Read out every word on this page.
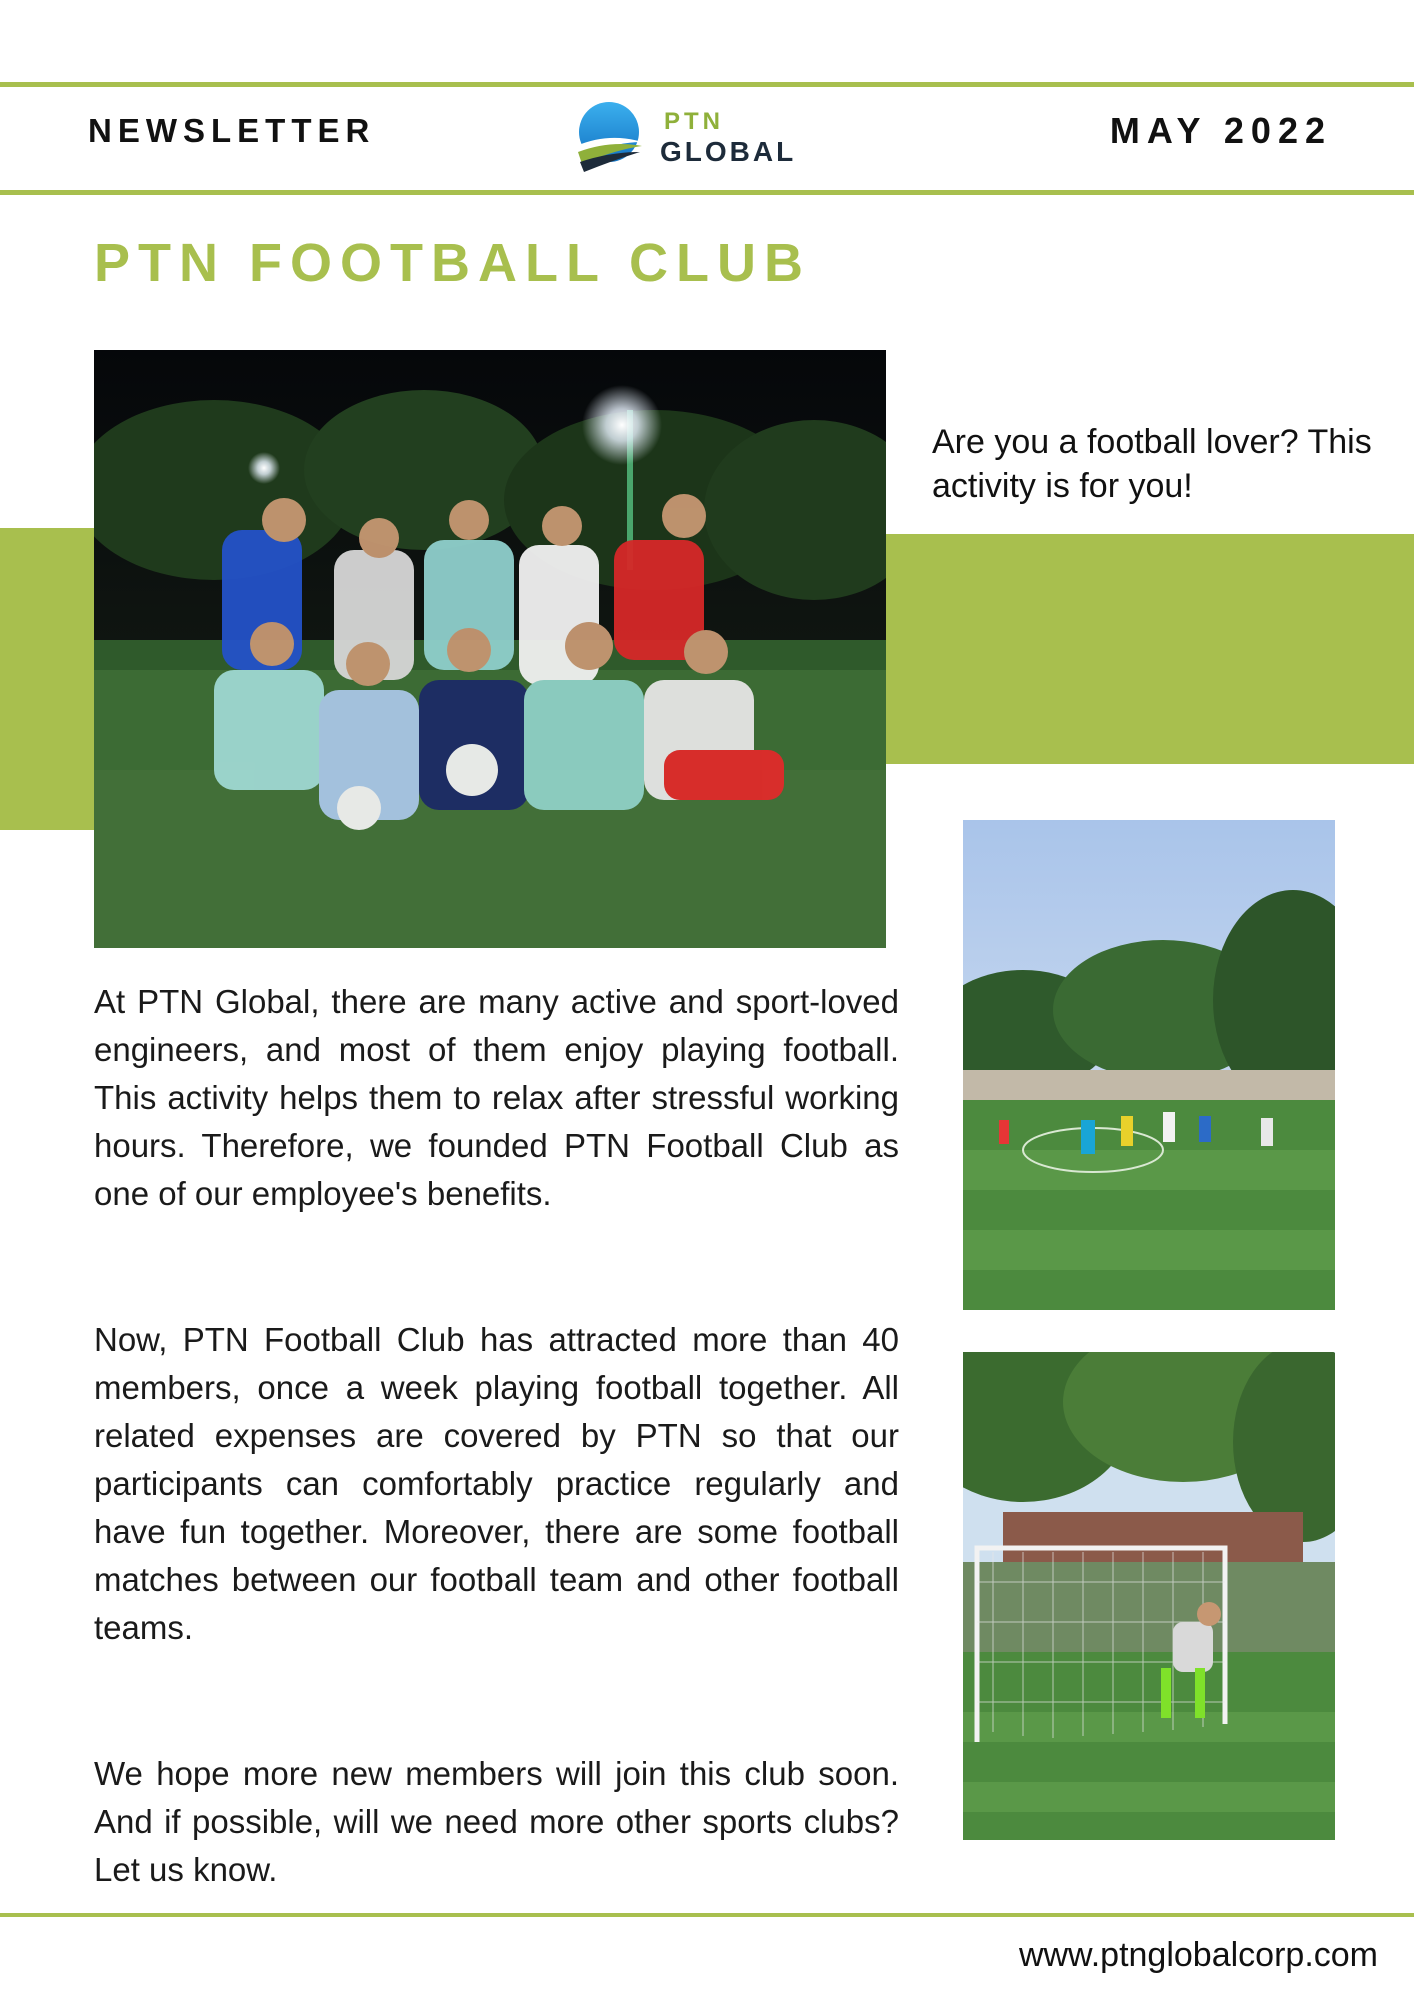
NEWSLETTER	PTN
GLOBAL
MAY 2022
PTN FOOTBALL CLUB
Are you a football lover? This activity is for you!

At PTN Global, there are many active and sport-loved engineers, and most of them enjoy playing football. This activity helps them to relax after stressful working hours. Therefore, we founded PTN Football Club as one of our employee's benefits.

Now, PTN Football Club has attracted more than 40 members, once a week playing football together. All related expenses are covered by PTN so that our participants can comfortably practice regularly and have fun together. Moreover, there are some football matches between our football team and other football teams.

We hope more new members will join this club soon. And if possible, will we need more other sports clubs? Let us know.

www.ptnglobalcorp.com
